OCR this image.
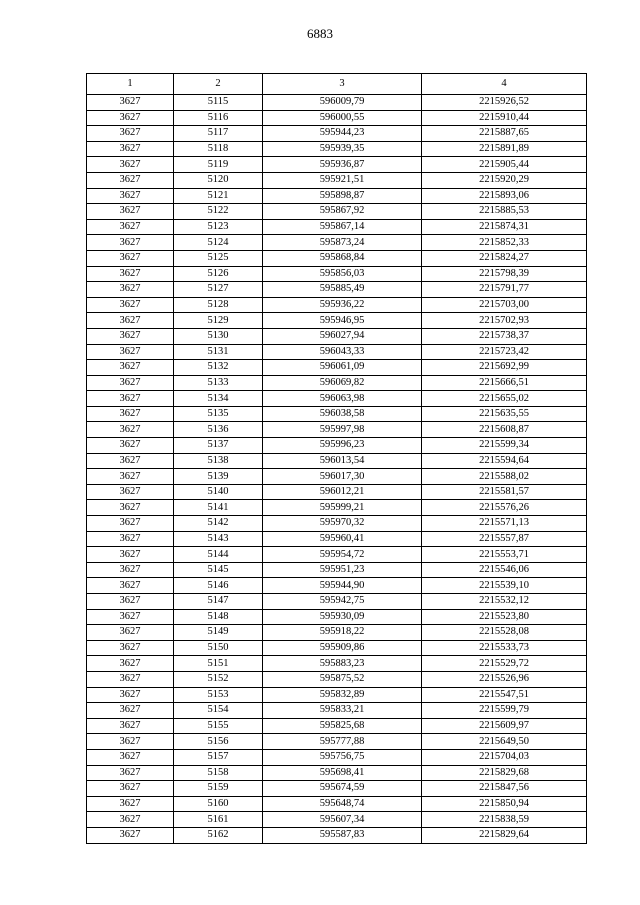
6883
1	2	3	4
3627	5115	596009,79	2215926,52
3627	5116	596000,55	2215910,44
3627	5117	595944,23	2215887,65
3627	5118	595939,35	2215891,89
3627	5119	595936,87	2215905,44
3627	5120	595921,51	2215920,29
3627	5121	595898,87	2215893,06
3627	5122	595867,92	2215885,53
3627	5123	595867,14	2215874,31
3627	5124	595873,24	2215852,33
3627	5125	595868,84	2215824,27
3627	5126	595856,03	2215798,39
3627	5127	595885,49	2215791,77
3627	5128	595936,22	2215703,00
3627	5129	595946,95	2215702,93
3627	5130	596027,94	2215738,37
3627	5131	596043,33	2215723,42
3627	5132	596061,09	2215692,99
3627	5133	596069,82	2215666,51
3627	5134	596063,98	2215655,02
3627	5135	596038,58	2215635,55
3627	5136	595997,98	2215608,87
3627	5137	595996,23	2215599,34
3627	5138	596013,54	2215594,64
3627	5139	596017,30	2215588,02
3627	5140	596012,21	2215581,57
3627	5141	595999,21	2215576,26
3627	5142	595970,32	2215571,13
3627	5143	595960,41	2215557,87
3627	5144	595954,72	2215553,71
3627	5145	595951,23	2215546,06
3627	5146	595944,90	2215539,10
3627	5147	595942,75	2215532,12
3627	5148	595930,09	2215523,80
3627	5149	595918,22	2215528,08
3627	5150	595909,86	2215533,73
3627	5151	595883,23	2215529,72
3627	5152	595875,52	2215526,96
3627	5153	595832,89	2215547,51
3627	5154	595833,21	2215599,79
3627	5155	595825,68	2215609,97
3627	5156	595777,88	2215649,50
3627	5157	595756,75	2215704,03
3627	5158	595698,41	2215829,68
3627	5159	595674,59	2215847,56
3627	5160	595648,74	2215850,94
3627	5161	595607,34	2215838,59
3627	5162	595587,83	2215829,64
